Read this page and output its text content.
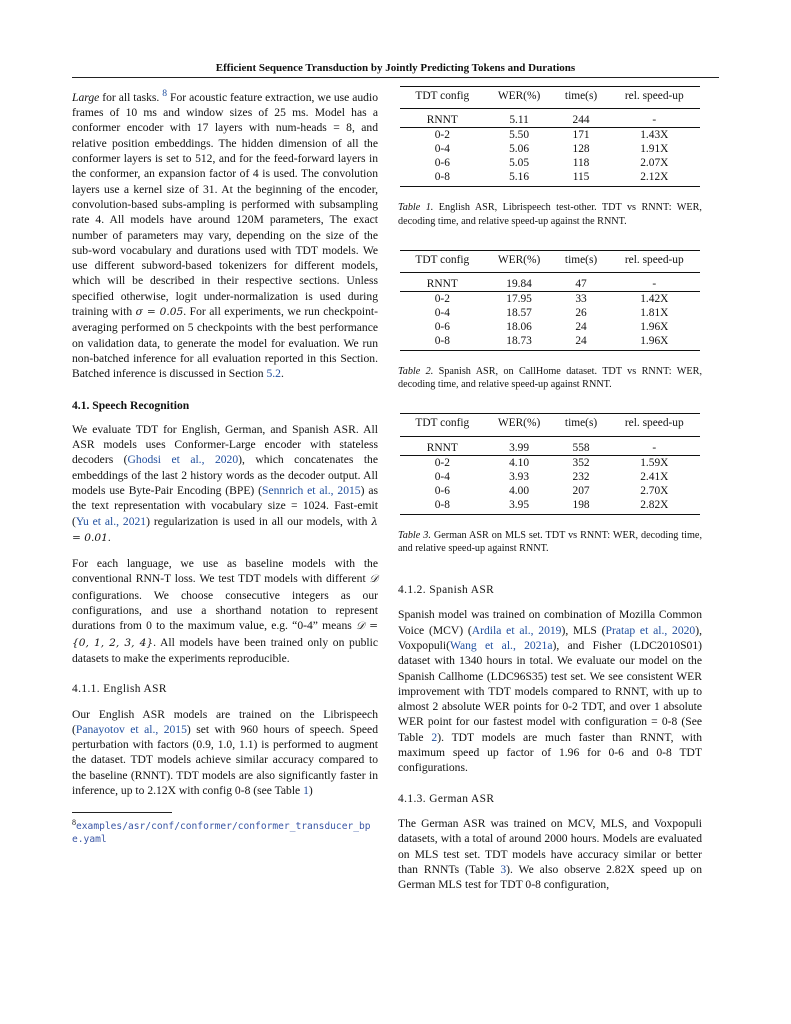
Efficient Sequence Transduction by Jointly Predicting Tokens and Durations

Large for all tasks. $^8$ For acoustic feature extraction, we use audio frames of 10 ms and window sizes of 25 ms. Model has a conformer encoder with 17 layers with num-heads = 8, and relative position embeddings. The hidden dimension of all the conformer layers is set to 512, and for the feed-forward layers in the conformer, an expansion factor of 4 is used. The convolution layers use a kernel size of 31. At the beginning of the encoder, convolution-based subs-ampling is performed with subsampling rate 4. All models have around 120M parameters, The exact number of parameters may vary, depending on the size of the sub-word vocabulary and durations used with TDT models. We use different subword-based tokenizers for different models, which will be described in their respective sections. Unless specified otherwise, logit under-normalization is used during training with σ = 0.05. For all experiments, we run checkpoint-averaging performed on 5 checkpoints with the best performance on validation data, to generate the model for evaluation. We run non-batched inference for all evaluation reported in this Section. Batched inference is discussed in Section 5.2.

4.1. Speech Recognition

We evaluate TDT for English, German, and Spanish ASR. All ASR models uses Conformer-Large encoder with stateless decoders (Ghodsi et al., 2020), which concatenates the embeddings of the last 2 history words as the decoder output. All models use Byte-Pair Encoding (BPE) (Sennrich et al., 2015) as the text representation with vocabulary size = 1024. Fast-emit (Yu et al., 2021) regularization is used in all our models, with λ = 0.01.

For each language, we use as baseline models with the conventional RNN-T loss. We test TDT models with different 𝒟 configurations. We choose consecutive integers as our configurations, and use a shorthand notation to represent durations from 0 to the maximum value, e.g. “0-4” means 𝒟 = {0, 1, 2, 3, 4}. All models have been trained only on public datasets to make the experiments reproducible.

4.1.1. English ASR

Our English ASR models are trained on the Librispeech (Panayotov et al., 2015) set with 960 hours of speech. Speed perturbation with factors (0.9, 1.0, 1.1) is performed to augment the dataset. TDT models achieve similar accuracy compared to the baseline (RNNT). TDT models are also significantly faster in inference, up to 2.12X with config 0-8 (see Table 1)

$^8$examples/asr/conf/conformer/conformer_transducer_bpe.yaml
TDT config	WER(%)	time(s)	rel. speed-up
RNNT	5.11	244	-
0-2	5.50	171	1.43X
0-4	5.06	128	1.91X
0-6	5.05	118	2.07X
0-8	5.16	115	2.12X

Table 1. English ASR, Librispeech test-other. TDT vs RNNT: WER, decoding time, and relative speed-up against the RNNT.

TDT config	WER(%)	time(s)	rel. speed-up
RNNT	19.84	47	-
0-2	17.95	33	1.42X
0-4	18.57	26	1.81X
0-6	18.06	24	1.96X
0-8	18.73	24	1.96X

Table 2. Spanish ASR, on CallHome dataset. TDT vs RNNT: WER, decoding time, and relative speed-up against RNNT.

TDT config	WER(%)	time(s)	rel. speed-up
RNNT	3.99	558	-
0-2	4.10	352	1.59X
0-4	3.93	232	2.41X
0-6	4.00	207	2.70X
0-8	3.95	198	2.82X

Table 3. German ASR on MLS set. TDT vs RNNT: WER, decoding time, and relative speed-up against RNNT.

4.1.2. Spanish ASR

Spanish model was trained on combination of Mozilla Common Voice (MCV) (Ardila et al., 2019), MLS (Pratap et al., 2020), Voxpopuli(Wang et al., 2021a), and Fisher (LDC2010S01) dataset with 1340 hours in total. We evaluate our model on the Spanish Callhome (LDC96S35) test set. We see consistent WER improvement with TDT models compared to RNNT, with up to almost 2 absolute WER points for 0-2 TDT, and over 1 absolute WER point for our fastest model with configuration = 0-8 (See Table 2). TDT models are much faster than RNNT, with maximum speed up factor of 1.96 for 0-6 and 0-8 TDT configurations.

4.1.3. German ASR

The German ASR was trained on MCV, MLS, and Voxpopuli datasets, with a total of around 2000 hours. Models are evaluated on MLS test set. TDT models have accuracy similar or better than RNNTs (Table 3). We also observe 2.82X speed up on German MLS test for TDT 0-8 configuration,
